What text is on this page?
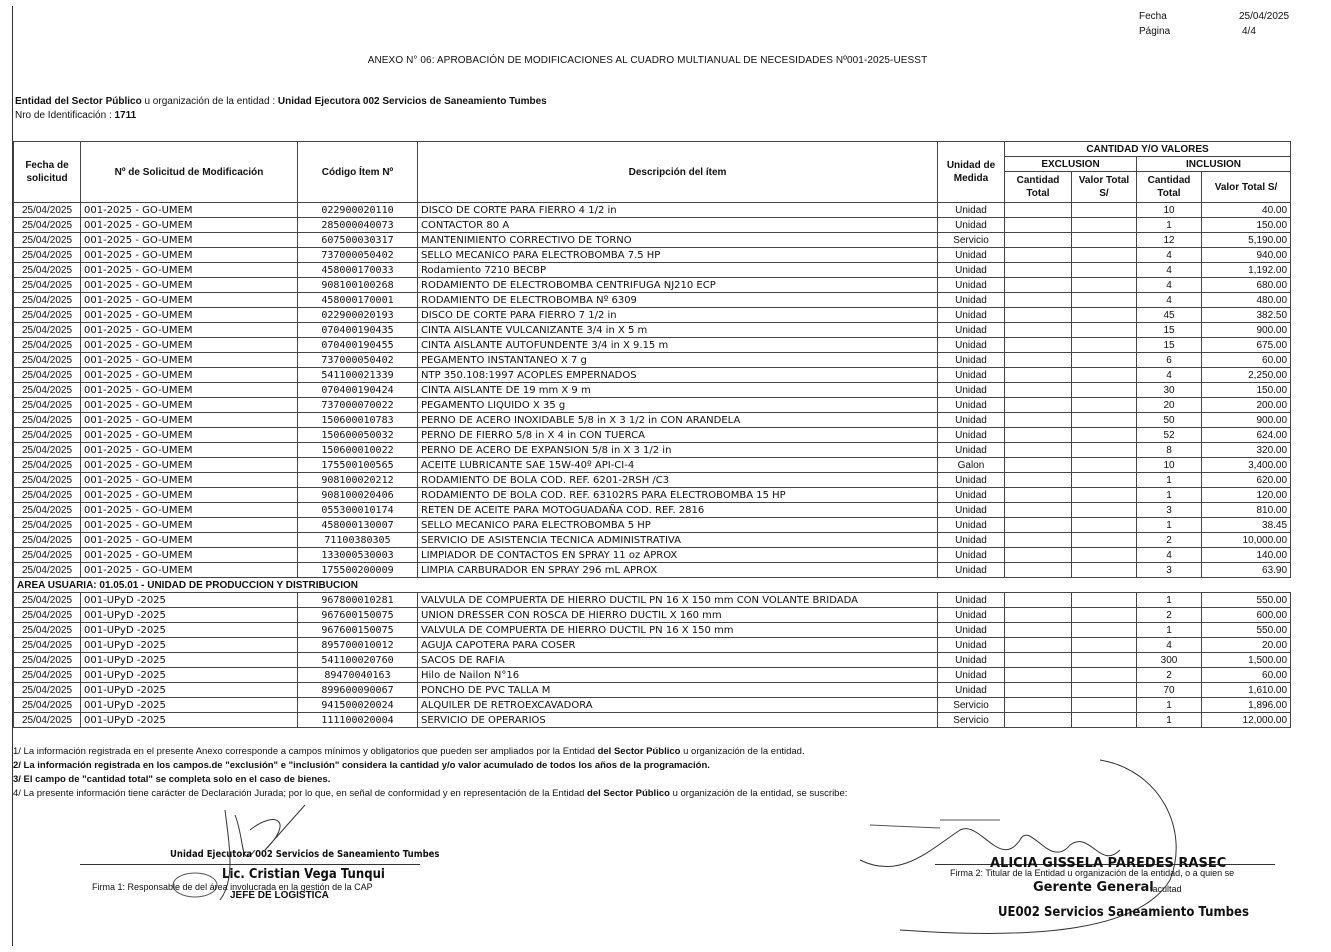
Fecha	25/04/2025
Página	4/4
ANEXO N° 06: APROBACIÓN DE MODIFICACIONES AL CUADRO MULTIANUAL DE NECESIDADES Nº001-2025-UESST
Entidad del Sector Público u organización de la entidad : Unidad Ejecutora 002 Servicios de Saneamiento Tumbes
Nro de Identificación : 1711
Fecha de solicitud	Nº de Solicitud de Modificación	Código Ítem Nº	Descripción del ítem	Unidad de Medida	CANTIDAD Y/O VALORES			
					EXCLUSION		INCLUSION	
					Cantidad Total	Valor Total S/	Cantidad Total	Valor Total S/
25/04/2025	001-2025 - GO-UMEM	022900020110	DISCO DE CORTE PARA FIERRO 4 1/2 in	Unidad			10	40.00
25/04/2025	001-2025 - GO-UMEM	285000040073	CONTACTOR 80 A	Unidad			1	150.00
25/04/2025	001-2025 - GO-UMEM	607500030317	MANTENIMIENTO CORRECTIVO DE TORNO	Servicio			12	5,190.00
25/04/2025	001-2025 - GO-UMEM	737000050402	SELLO MECANICO PARA ELECTROBOMBA 7.5 HP	Unidad			4	940.00
25/04/2025	001-2025 - GO-UMEM	458000170033	Rodamiento 7210 BECBP	Unidad			4	1,192.00
25/04/2025	001-2025 - GO-UMEM	908100100268	RODAMIENTO DE ELECTROBOMBA CENTRIFUGA NJ210 ECP	Unidad			4	680.00
25/04/2025	001-2025 - GO-UMEM	458000170001	RODAMIENTO DE ELECTROBOMBA Nº 6309	Unidad			4	480.00
25/04/2025	001-2025 - GO-UMEM	022900020193	DISCO DE CORTE PARA FIERRO 7 1/2 in	Unidad			45	382.50
25/04/2025	001-2025 - GO-UMEM	070400190435	CINTA AISLANTE VULCANIZANTE 3/4 in X 5 m	Unidad			15	900.00
25/04/2025	001-2025 - GO-UMEM	070400190455	CINTA AISLANTE AUTOFUNDENTE 3/4 in X 9.15 m	Unidad			15	675.00
25/04/2025	001-2025 - GO-UMEM	737000050402	PEGAMENTO INSTANTANEO X 7 g	Unidad			6	60.00
25/04/2025	001-2025 - GO-UMEM	541100021339	NTP 350.108:1997 ACOPLES EMPERNADOS	Unidad			4	2,250.00
25/04/2025	001-2025 - GO-UMEM	070400190424	CINTA AISLANTE DE 19 mm X 9 m	Unidad			30	150.00
25/04/2025	001-2025 - GO-UMEM	737000070022	PEGAMENTO LIQUIDO X 35 g	Unidad			20	200.00
25/04/2025	001-2025 - GO-UMEM	150600010783	PERNO DE ACERO INOXIDABLE 5/8 in X 3 1/2 in CON ARANDELA	Unidad			50	900.00
25/04/2025	001-2025 - GO-UMEM	150600050032	PERNO DE FIERRO 5/8 in X 4 in CON TUERCA	Unidad			52	624.00
25/04/2025	001-2025 - GO-UMEM	150600010022	PERNO DE ACERO DE EXPANSION 5/8 in X 3 1/2 in	Unidad			8	320.00
25/04/2025	001-2025 - GO-UMEM	175500100565	ACEITE LUBRICANTE SAE 15W-40º API-CI-4	Galon			10	3,400.00
25/04/2025	001-2025 - GO-UMEM	908100020212	RODAMIENTO DE BOLA COD. REF. 6201-2RSH /C3	Unidad			1	620.00
25/04/2025	001-2025 - GO-UMEM	908100020406	RODAMIENTO DE BOLA COD. REF. 63102RS PARA ELECTROBOMBA 15 HP	Unidad			1	120.00
25/04/2025	001-2025 - GO-UMEM	055300010174	RETEN DE ACEITE PARA MOTOGUADAÑA COD. REF. 2816	Unidad			3	810.00
25/04/2025	001-2025 - GO-UMEM	458000130007	SELLO MECANICO PARA ELECTROBOMBA 5 HP	Unidad			1	38.45
25/04/2025	001-2025 - GO-UMEM	71100380305	SERVICIO DE ASISTENCIA TECNICA ADMINISTRATIVA	Unidad			2	10,000.00
25/04/2025	001-2025 - GO-UMEM	133000530003	LIMPIADOR DE CONTACTOS EN SPRAY 11 oz APROX	Unidad			4	140.00
25/04/2025	001-2025 - GO-UMEM	175500200009	LIMPIA CARBURADOR EN SPRAY 296 mL APROX	Unidad			3	63.90
AREA USUARIA: 01.05.01 - UNIDAD DE PRODUCCION Y DISTRIBUCION								
25/04/2025	001-UPyD -2025	967800010281	VALVULA DE COMPUERTA DE HIERRO DUCTIL PN 16 X 150 mm CON VOLANTE BRIDADA	Unidad			1	550.00
25/04/2025	001-UPyD -2025	967600150075	UNION DRESSER CON ROSCA DE HIERRO DUCTIL X 160 mm	Unidad			2	600.00
25/04/2025	001-UPyD -2025	967600150075	VALVULA DE COMPUERTA DE HIERRO DUCTIL PN 16 X 150 mm	Unidad			1	550.00
25/04/2025	001-UPyD -2025	895700010012	AGUJA CAPOTERA PARA COSER	Unidad			4	20.00
25/04/2025	001-UPyD -2025	541100020760	SACOS DE RAFIA	Unidad			300	1,500.00
25/04/2025	001-UPyD -2025	89470040163	Hilo de Nailon N°16	Unidad			2	60.00
25/04/2025	001-UPyD -2025	899600090067	PONCHO DE PVC TALLA M	Unidad			70	1,610.00
25/04/2025	001-UPyD -2025	941500020024	ALQUILER DE RETROEXCAVADORA	Servicio			1	1,896.00
25/04/2025	001-UPyD -2025	111100020004	SERVICIO DE OPERARIOS	Servicio			1	12,000.00
1/ La información registrada en el presente Anexo corresponde a campos mínimos y obligatorios que pueden ser ampliados por la Entidad del Sector Público u organización de la entidad.
2/ La información registrada en los campos.de "exclusión" e "inclusión" considera la cantidad y/o valor acumulado de todos los años de la programación.
3/ El campo de "cantidad total" se completa solo en el caso de bienes.
4/ La presente información tiene carácter de Declaración Jurada; por lo que, en señal de conformidad y en representación de la Entidad del Sector Público u organización de la entidad, se suscribe:
Unidad Ejecutora 002 Servicios de Saneamiento Tumbes
Lic. Cristian Vega Tunqui
JEFE DE LOGISTICA
Firma 1: Responsable de del área involucrada en la gestión de la CAP
ALICIA GISSELA PAREDES RASEC
Firma 2: Titular de la Entidad u organización de la entidad, o a quien se
Gerente General
facultad
UE002 Servicios Saneamiento Tumbes
